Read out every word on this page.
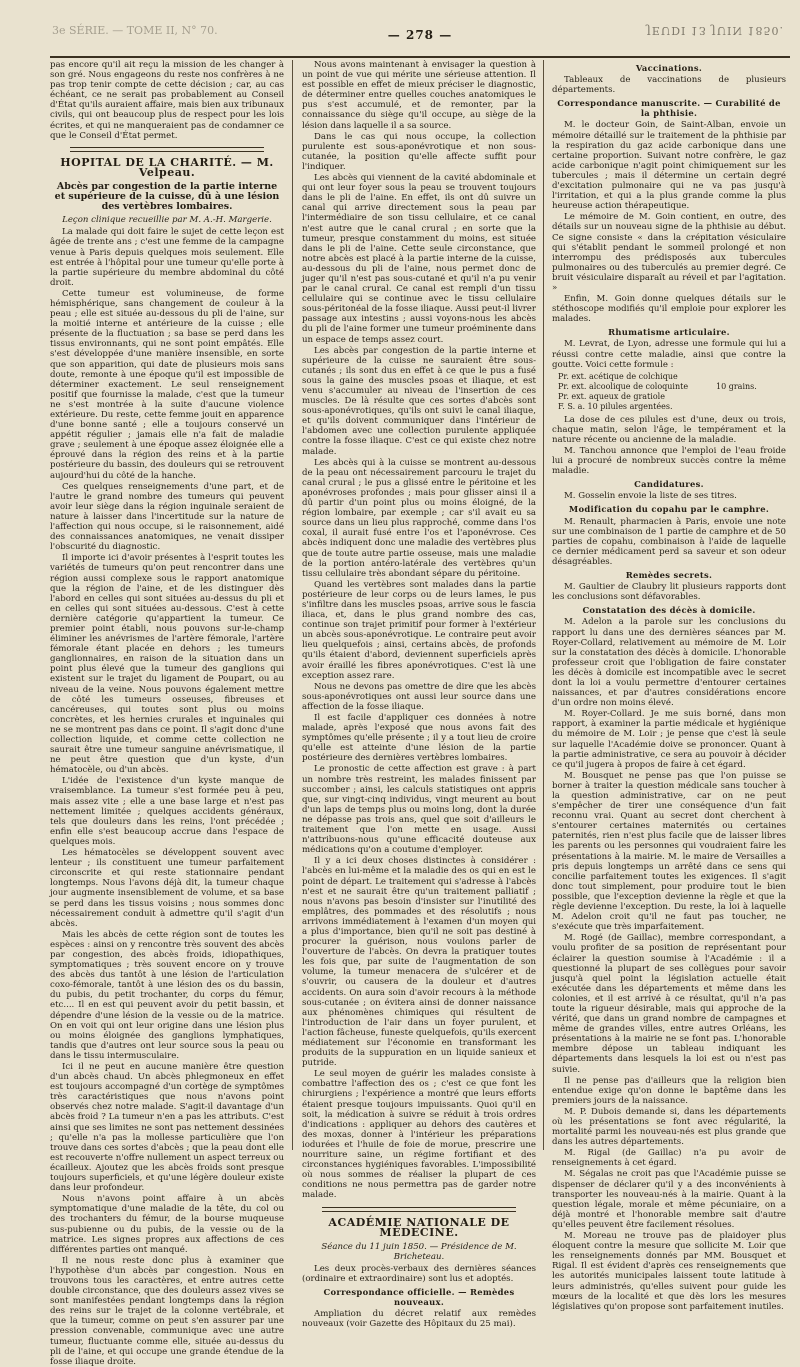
3e SÉRIE. — TOME II, N° 70.	— 278 —	JEUDI 13 JUIN 1850.

pas encore qu'il ait reçu la mission de les changer à son gré. Nous engageons du reste nos confrères à ne pas trop tenir compte de cette décision ; car, au cas échéant, ce ne serait pas probablement au Conseil d'État qu'ils auraient affaire, mais bien aux tribunaux civils, qui ont beaucoup plus de respect pour les lois écrites, et qui ne manqueraient pas de condamner ce que le Conseil d'État permet.

HOPITAL DE LA CHARITÉ. — M. Velpeau.
Abcès par congestion de la partie interne et supérieure de la cuisse, dû à une lésion des vertèbres lombaires.
Leçon clinique recueillie par M. A.-H. Margerie.

La malade qui doit faire le sujet de cette leçon est âgée de trente ans ; c'est une femme de la campagne venue à Paris depuis quelques mois seulement. Elle est entrée à l'hôpital pour une tumeur qu'elle porte à la partie supérieure du membre abdominal du côté droit.

Cette tumeur est volumineuse, de forme hémisphérique, sans changement de couleur à la peau ; elle est située au-dessous du pli de l'aine, sur la moitié interne et antérieure de la cuisse ; elle présente de la fluctuation ; sa base se perd dans les tissus environnants, qui ne sont point empâtés. Elle s'est développée d'une manière insensible, en sorte que son apparition, qui date de plusieurs mois sans doute, remonte à une époque qu'il est impossible de déterminer exactement. Le seul renseignement positif que fournisse la malade, c'est que la tumeur ne s'est montrée à la suite d'aucune violence extérieure. Du reste, cette femme jouit en apparence d'une bonne santé ; elle a toujours conservé un appétit régulier ; jamais elle n'a fait de maladie grave ; seulement à une époque assez éloignée elle a éprouvé dans la région des reins et à la partie postérieure du bassin, des douleurs qui se retrouvent aujourd'hui du côté de la hanche.

Ces quelques renseignements d'une part, et de l'autre le grand nombre des tumeurs qui peuvent avoir leur siège dans la région inguinale seraient de nature à laisser dans l'incertitude sur la nature de l'affection qui nous occupe, si le raisonnement, aidé des connaissances anatomiques, ne venait dissiper l'obscurité du diagnostic.

Il importe ici d'avoir présentes à l'esprit toutes les variétés de tumeurs qu'on peut rencontrer dans une région aussi complexe sous le rapport anatomique que la région de l'aine, et de les distinguer dès l'abord en celles qui sont situées au-dessus du pli et en celles qui sont situées au-dessous. C'est à cette dernière catégorie qu'appartient la tumeur. Ce premier point établi, nous pouvons sur-le-champ éliminer les anévrismes de l'artère fémorale, l'artère fémorale étant placée en dehors ; les tumeurs ganglionnaires, en raison de la situation dans un point plus élevé que la tumeur des ganglions qui existent sur le trajet du ligament de Poupart, ou au niveau de la veine. Nous pouvons également mettre de côté les tumeurs osseuses, fibreuses et cancéreuses, qui toutes sont plus ou moins concrètes, et les hernies crurales et inguinales qui ne se montrent pas dans ce point. Il s'agit donc d'une collection liquide, et comme cette collection ne saurait être une tumeur sanguine anévrismatique, il ne peut être question que d'un kyste, d'un hématocèle, ou d'un abcès.

L'idée de l'existence d'un kyste manque de vraisemblance. La tumeur s'est formée peu à peu, mais assez vite ; elle a une base large et n'est pas nettement limitée ; quelques accidents généraux, tels que douleurs dans les reins, l'ont précédée ; enfin elle s'est beaucoup accrue dans l'espace de quelques mois.

Les hématocèles se développent souvent avec lenteur ; ils constituent une tumeur parfaitement circonscrite et qui reste stationnaire pendant longtemps. Nous l'avons déjà dit, la tumeur chaque jour augmente insensiblement de volume, et sa base se perd dans les tissus voisins ; nous sommes donc nécessairement conduit à admettre qu'il s'agit d'un abcès.

Mais les abcès de cette région sont de toutes les espèces : ainsi on y rencontre très souvent des abcès par congestion, des abcès froids, idiopathiques, symptomatiques ; très souvent encore on y trouve des abcès dus tantôt à une lésion de l'articulation coxo-fémorale, tantôt à une lésion des os du bassin, du pubis, du petit trochanter, du corps du fémur, etc.... Il en est qui peuvent avoir du petit bassin, et dépendre d'une lésion de la vessie ou de la matrice. On en voit qui ont leur origine dans une lésion plus ou moins éloignée des ganglions lymphatiques, tandis que d'autres ont leur source sous la peau ou dans le tissu intermusculaire.

Ici il ne peut en aucune manière être question d'un abcès chaud. Un abcès phlegmoneux en effet est toujours accompagné d'un cortège de symptômes très caractéristiques que nous n'avons point observés chez notre malade. S'agit-il davantage d'un abcès froid ? La tumeur n'en a pas les attributs. C'est ainsi que ses limites ne sont pas nettement dessinées ; qu'elle n'a pas la mollesse particulière que l'on trouve dans ces sortes d'abcès ; que la peau dont elle est recouverte n'offre nullement un aspect terreux ou écailleux. Ajoutez que les abcès froids sont presque toujours superficiels, et qu'une légère douleur existe dans leur profondeur.

Nous n'avons point affaire à un abcès symptomatique d'une maladie de la tête, du col ou des trochanters du fémur, de la bourse muqueuse sus-pubienne ou du pubis, de la vessie ou de la matrice. Les signes propres aux affections de ces différentes parties ont manqué.

Il ne nous reste donc plus à examiner que l'hypothèse d'un abcès par congestion. Nous en trouvons tous les caractères, et entre autres cette double circonstance, que des douleurs assez vives se sont manifestées pendant longtemps dans la région des reins sur le trajet de la colonne vertébrale, et que la tumeur, comme on peut s'en assurer par une pression convenable, communique avec une autre tumeur, fluctuante comme elle, située au-dessus du pli de l'aine, et qui occupe une grande étendue de la fosse iliaque droite.

Nous avons maintenant à envisager la question à un point de vue qui mérite une sérieuse attention. Il est possible en effet de mieux préciser le diagnostic, de déterminer entre quelles couches anatomiques le pus s'est accumulé, et de remonter, par la connaissance du siège qu'il occupe, au siège de la lésion dans laquelle il a sa source.

Dans le cas qui nous occupe, la collection purulente est sous-aponévrotique et non sous-cutanée, la position qu'elle affecte suffit pour l'indiquer.

Les abcès qui viennent de la cavité abdominale et qui ont leur foyer sous la peau se trouvent toujours dans le pli de l'aine. En effet, ils ont dû suivre un canal qui arrive directement sous la peau par l'intermédiaire de son tissu cellulaire, et ce canal n'est autre que le canal crural ; en sorte que la tumeur, presque constamment du moins, est située dans le pli de l'aine. Cette seule circonstance, que notre abcès est placé à la partie interne de la cuisse, au-dessous du pli de l'aine, nous permet donc de juger qu'il n'est pas sous-cutané et qu'il n'a pu venir par le canal crural. Ce canal est rempli d'un tissu cellulaire qui se continue avec le tissu cellulaire sous-péritonéal de la fosse iliaque. Aussi peut-il livrer passage aux intestins ; aussi voyons-nous les abcès du pli de l'aine former une tumeur proéminente dans un espace de temps assez court.

Les abcès par congestion de la partie interne et supérieure de la cuisse ne sauraient être sous-cutanés ; ils sont dus en effet à ce que le pus a fusé sous la gaine des muscles psoas et iliaque, et est venu s'accumuler au niveau de l'insertion de ces muscles. De là résulte que ces sortes d'abcès sont sous-aponévrotiques, qu'ils ont suivi le canal iliaque, et qu'ils doivent communiquer dans l'intérieur de l'abdomen avec une collection purulente appliquée contre la fosse iliaque. C'est ce qui existe chez notre malade.

Les abcès qui à la cuisse se montrent au-dessous de la peau ont nécessairement parcouru le trajet du canal crural ; le pus a glissé entre le péritoine et les aponévroses profondes ; mais pour glisser ainsi il a dû partir d'un point plus ou moins éloigné, de la région lombaire, par exemple ; car s'il avait eu sa source dans un lieu plus rapproché, comme dans l'os coxal, il aurait fusé entre l'os et l'aponévrose. Ces abcès indiquent donc une maladie des vertèbres plus que de toute autre partie osseuse, mais une maladie de la portion antéro-latérale des vertèbres qu'un tissu cellulaire très abondant sépare du péritoine.

Quand les vertèbres sont malades dans la partie postérieure de leur corps ou de leurs lames, le pus s'infiltre dans les muscles psoas, arrive sous le fascia iliaca, et, dans le plus grand nombre des cas, continue son trajet primitif pour former à l'extérieur un abcès sous-aponévrotique. Le contraire peut avoir lieu quelquefois ; ainsi, certains abcès, de profonds qu'ils étaient d'abord, deviennent superficiels après avoir éraillé les fibres aponévrotiques. C'est là une exception assez rare.

Nous ne devons pas omettre de dire que les abcès sous-aponévrotiques ont aussi leur source dans une affection de la fosse iliaque.

Il est facile d'appliquer ces données à notre malade, après l'exposé que nous avons fait des symptômes qu'elle présente ; il y a tout lieu de croire qu'elle est atteinte d'une lésion de la partie postérieure des dernières vertèbres lombaires.

Le pronostic de cette affection est grave : à part un nombre très restreint, les malades finissent par succomber ; ainsi, les calculs statistiques ont appris que, sur vingt-cinq individus, vingt meurent au bout d'un laps de temps plus ou moins long, dont la durée ne dépasse pas trois ans, quel que soit d'ailleurs le traitement que l'on mette en usage. Aussi n'attribuons-nous qu'une efficacité douteuse aux médications qu'on a coutume d'employer.

Il y a ici deux choses distinctes à considérer : l'abcès en lui-même et la maladie des os qui en est le point de départ. Le traitement qui s'adresse à l'abcès n'est et ne saurait être qu'un traitement palliatif ; nous n'avons pas besoin d'insister sur l'inutilité des emplâtres, des pommades et des résolutifs ; nous arrivons immédiatement à l'examen d'un moyen qui a plus d'importance, bien qu'il ne soit pas destiné à procurer la guérison, nous voulons parler de l'ouverture de l'abcès. On devra la pratiquer toutes les fois que, par suite de l'augmentation de son volume, la tumeur menacera de s'ulcérer et de s'ouvrir, ou causera de la douleur et d'autres accidents. On aura soin d'avoir recours à la méthode sous-cutanée ; on évitera ainsi de donner naissance aux phénomènes chimiques qui résultent de l'introduction de l'air dans un foyer purulent, et l'action fâcheuse, funeste quelquefois, qu'ils exercent médiatement sur l'économie en transformant les produits de la suppuration en un liquide sanieux et putride.

Le seul moyen de guérir les malades consiste à combattre l'affection des os ; c'est ce que font les chirurgiens ; l'expérience a montré que leurs efforts étaient presque toujours impuissants. Quoi qu'il en soit, la médication à suivre se réduit à trois ordres d'indications : appliquer au dehors des cautères et des moxas, donner à l'intérieur les préparations iodurées et l'huile de foie de morue, prescrire une nourriture saine, un régime fortifiant et des circonstances hygiéniques favorables. L'impossibilité où nous sommes de réaliser la plupart de ces conditions ne nous permettra pas de garder notre malade.

ACADÉMIE NATIONALE DE MÉDECINE.
Séance du 11 juin 1850. — Présidence de M. Bricheteau.

Les deux procès-verbaux des dernières séances (ordinaire et extraordinaire) sont lus et adoptés.

Correspondance officielle. — Remèdes nouveaux.

Ampliation du décret relatif aux remèdes nouveaux (voir Gazette des Hôpitaux du 25 mai).

Vaccinations.

Tableaux de vaccinations de plusieurs départements.

Correspondance manuscrite. — Curabilité de la phthisie.

M. le docteur Goin, de Saint-Alban, envoie un mémoire détaillé sur le traitement de la phthisie par la respiration du gaz acide carbonique dans une certaine proportion. Suivant notre confrère, le gaz acide carbonique n'agit point chimiquement sur les tubercules ; mais il détermine un certain degré d'excitation pulmonaire qui ne va pas jusqu'à l'irritation, et qui a la plus grande comme la plus heureuse action thérapeutique.

Le mémoire de M. Goin contient, en outre, des détails sur un nouveau signe de la phthisie au début. Ce signe consiste « dans la crépitation vésiculaire qui s'établit pendant le sommeil prolongé et non interrompu des prédisposés aux tubercules pulmonaires ou des tuberculés au premier degré. Ce bruit vésiculaire disparaît au réveil et par l'agitation. »

Enfin, M. Goin donne quelques détails sur le stéthoscope modifiés qu'il emploie pour explorer les malades.

Rhumatisme articulaire.

M. Levrat, de Lyon, adresse une formule qui lui a réussi contre cette maladie, ainsi que contre la goutte. Voici cette formule :

Pr. ext. acétique de colchique
Pr. ext. alcoolique de coloquinte	10 grains.
Pr. ext. aqueux de gratiole
F. S. a. 10 pilules argentées.

La dose de ces pilules est d'une, deux ou trois, chaque matin, selon l'âge, le tempérament et la nature récente ou ancienne de la maladie.

M. Tanchou annonce que l'emploi de l'eau froide lui a procuré de nombreux succès contre la même maladie.

Candidatures.

M. Gosselin envoie la liste de ses titres.

Modification du copahu par le camphre.

M. Renault, pharmacien à Paris, envoie une note sur une combinaison de 1 partie de camphre et de 50 parties de copahu, combinaison à l'aide de laquelle ce dernier médicament perd sa saveur et son odeur désagréables.

Remèdes secrets.

M. Gaultier de Claubry lit plusieurs rapports dont les conclusions sont défavorables.

Constatation des décès à domicile.

M. Adelon a la parole sur les conclusions du rapport lu dans une des dernières séances par M. Royer-Collard, relativement au mémoire de M. Loir sur la constatation des décès à domicile. L'honorable professeur croit que l'obligation de faire constater les décès à domicile est incompatible avec le secret dont la loi a voulu permettre d'entourer certaines naissances, et par d'autres considérations encore d'un ordre non moins élevé.

M. Royer-Collard. Je me suis borné, dans mon rapport, à examiner la partie médicale et hygiénique du mémoire de M. Loir ; je pense que c'est là seule sur laquelle l'Académie doive se prononcer. Quant à la partie administrative, ce sera au pouvoir à décider ce qu'il jugera à propos de faire à cet égard.

M. Bousquet ne pense pas que l'on puisse se borner à traiter la question médicale sans toucher à la question administrative, car on ne peut s'empêcher de tirer une conséquence d'un fait reconnu vrai. Quant au secret dont cherchent à s'entourer certaines maternités ou certaines paternités, rien n'est plus facile que de laisser libres les parents ou les personnes qui voudraient faire les présentations à la mairie. M. le maire de Versailles a pris depuis longtemps un arrêté dans ce sens qui concilie parfaitement toutes les exigences. Il s'agit donc tout simplement, pour produire tout le bien possible, que l'exception devienne la règle et que la règle devienne l'exception. Du reste, la loi à laquelle M. Adelon croit qu'il ne faut pas toucher, ne s'exécute que très imparfaitement.

M. Rogé (de Gaillac), membre correspondant, a voulu profiter de sa position de représentant pour éclairer la question soumise à l'Académie : il a questionné la plupart de ses collègues pour savoir jusqu'à quel point la législation actuelle était exécutée dans les départements et même dans les colonies, et il est arrivé à ce résultat, qu'il n'a pas toute la rigueur désirable, mais qui approche de la vérité, que dans un grand nombre de campagnes et même de grandes villes, entre autres Orléans, les présentations à la mairie ne se font pas. L'honorable membre dépose un tableau indiquant les départements dans lesquels la loi est ou n'est pas suivie.

Il ne pense pas d'ailleurs que la religion bien entendue exige qu'on donne le baptême dans les premiers jours de la naissance.

M. P. Dubois demande si, dans les départements où les présentations se font avec régularité, la mortalité parmi les nouveau-nés est plus grande que dans les autres départements.

M. Rigal (de Gaillac) n'a pu avoir de renseignements à cet égard.

M. Ségalas ne croit pas que l'Académie puisse se dispenser de déclarer qu'il y a des inconvénients à transporter les nouveau-nés à la mairie. Quant à la question légale, morale et même pécuniaire, on a déjà montré et l'honorable membre sait d'autre qu'elles peuvent être facilement résolues.

M. Moreau ne trouve pas de plaidoyer plus éloquent contre la mesure que sollicite M. Loir que les renseignements donnés par MM. Bousquet et Rigal. Il est évident d'après ces renseignements que les autorités municipales laissent toute latitude à leurs administrés, qu'elles suivent pour guide les mœurs de la localité et que dès lors les mesures législatives qu'on propose sont parfaitement inutiles.
